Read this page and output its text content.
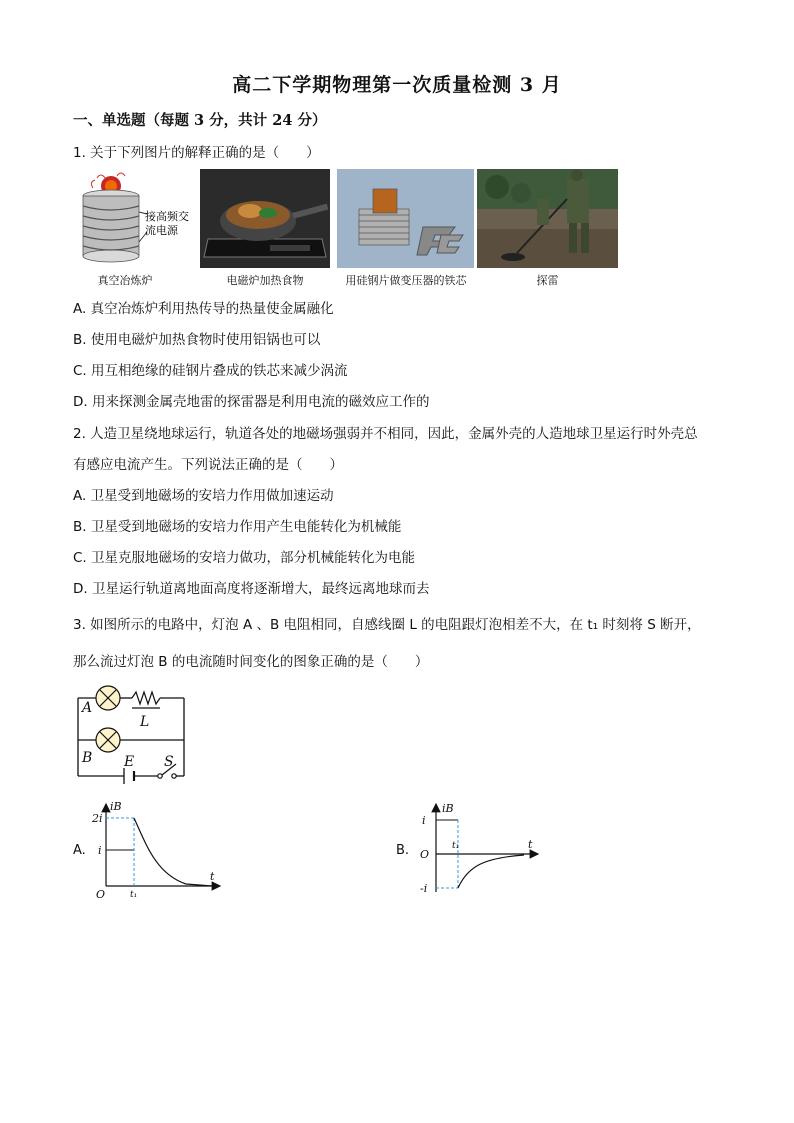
高二下学期物理第一次质量检测 3 月
一、单选题（每题 3 分，共计 24 分）
1. 关于下列图片的解释正确的是（　　）
接高频交
流电源
电磁炉加热食物	用硅钢片做变压器的铁芯	探雷
真空冶炼炉
A. 真空冶炼炉利用热传导的热量使金属融化
B. 使用电磁炉加热食物时使用铝锅也可以
C. 用互相绝缘的硅钢片叠成的铁芯来减少涡流
D. 用来探测金属壳地雷的探雷器是利用电流的磁效应工作的
2. 人造卫星绕地球运行，轨道各处的地磁场强弱并不相同，因此，金属外壳的人造地球卫星运行时外壳总
有感应电流产生。下列说法正确的是（　　）
A. 卫星受到地磁场的安培力作用做加速运动
B. 卫星受到地磁场的安培力作用产生电能转化为机械能
C. 卫星克服地磁场的安培力做功，部分机械能转化为电能
D. 卫星运行轨道离地面高度将逐渐增大，最终远离地球而去
3. 如图所示的电路中，灯泡 A 、B 电阻相同，自感线圈 L 的电阻跟灯泡相差不大，在 t₁ 时刻将 S 断开，
那么流过灯泡 B 的电流随时间变化的图象正确的是（　　）
A
L
B E S
A.
iB
t
2i
i
O	t₁
B.
iB
t
i
-i
O
t₁
